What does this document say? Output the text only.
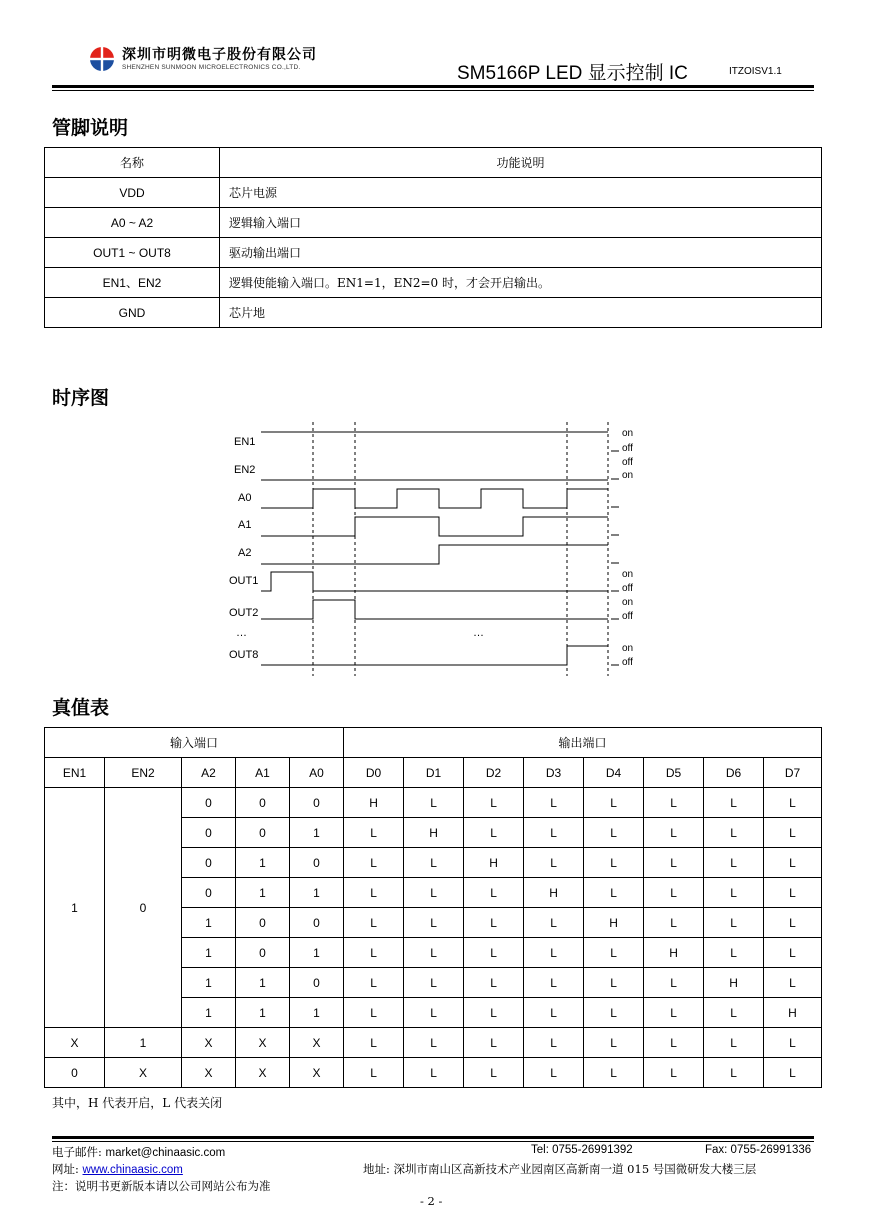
深圳市明微电子股份有限公司
SHENZHEN SUNMOON MICROELECTRONICS CO.,LTD.	SM5166P LED 显示控制 IC	ITZOISV1.1
管脚说明
名称	功能说明
VDD	芯片电源
A0 ~ A2	逻辑输入端口
OUT1 ~ OUT8	驱动输出端口
EN1、EN2	逻辑使能输入端口。EN1=1，EN2=0 时，才会开启输出。
GND	芯片地
时序图
EN1
EN2
A0
A1
A2
OUT1
OUT2
…	…
OUT8
on
off
off
on
on
off
on
off
on
off
真值表
输入端口					输出端口							
EN1	EN2	A2	A1	A0	D0	D1	D2	D3	D4	D5	D6	D7
1	0	0	0	0	H	L	L	L	L	L	L	L
		0	0	1	L	H	L	L	L	L	L	L
		0	1	0	L	L	H	L	L	L	L	L
		0	1	1	L	L	L	H	L	L	L	L
		1	0	0	L	L	L	L	H	L	L	L
		1	0	1	L	L	L	L	L	H	L	L
		1	1	0	L	L	L	L	L	L	H	L
		1	1	1	L	L	L	L	L	L	L	H
X	1	X	X	X	L	L	L	L	L	L	L	L
0	X	X	X	X	L	L	L	L	L	L	L	L
其中，H 代表开启，L 代表关闭
电子邮件: market@chinaasic.com	Tel: 0755-26991392	Fax: 0755-26991336
网址: www.chinaasic.com	地址: 深圳市南山区高新技术产业园南区高新南一道 015 号国微研发大楼三层
注：说明书更新版本请以公司网站公布为准
- 2 -
